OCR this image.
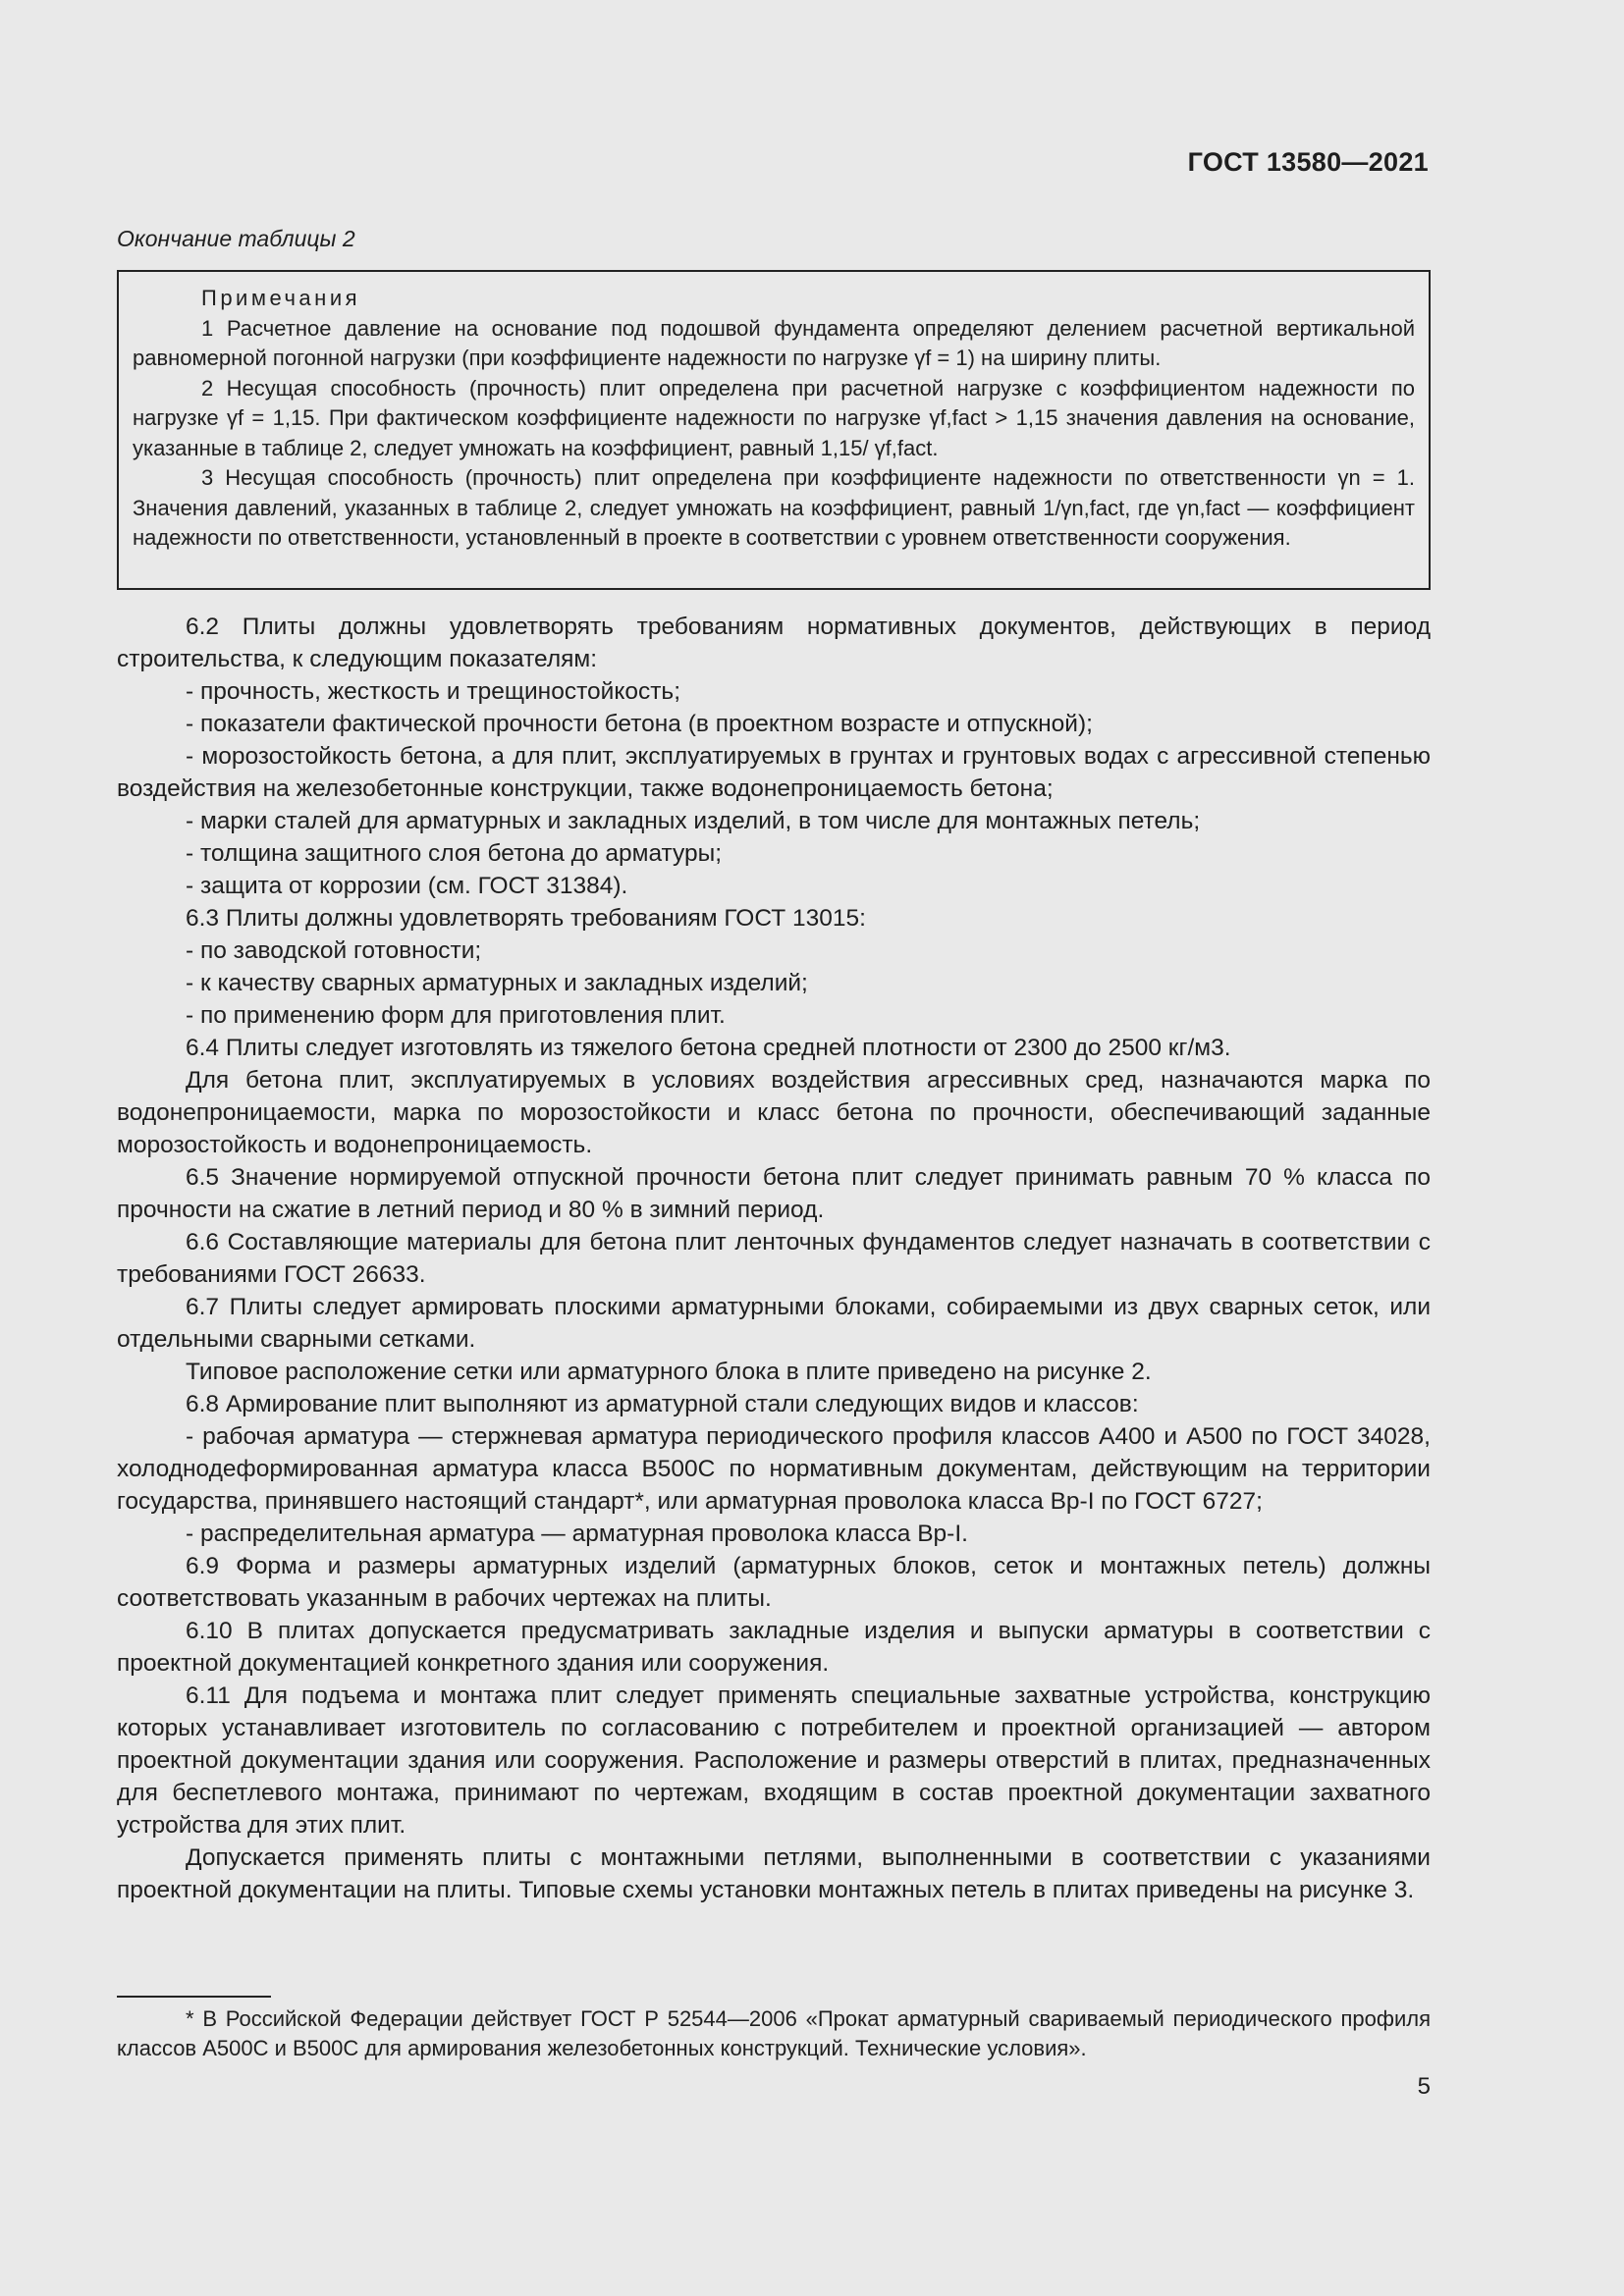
ГОСТ 13580—2021
Окончание таблицы 2
Примечания

1 Расчетное давление на основание под подошвой фундамента определяют делением расчетной вертикальной равномерной погонной нагрузки (при коэффициенте надежности по нагрузке γf = 1) на ширину плиты.

2 Несущая способность (прочность) плит определена при расчетной нагрузке с коэффициентом надежности по нагрузке γf = 1,15. При фактическом коэффициенте надежности по нагрузке γf,fact > 1,15 значения давления на основание, указанные в таблице 2, следует умножать на коэффициент, равный 1,15/ γf,fact.

3 Несущая способность (прочность) плит определена при коэффициенте надежности по ответственности γn = 1. Значения давлений, указанных в таблице 2, следует умножать на коэффициент, равный 1/γn,fact, где γn,fact — коэффициент надежности по ответственности, установленный в проекте в соответствии с уровнем ответственности сооружения.

6.2 Плиты должны удовлетворять требованиям нормативных документов, действующих в период строительства, к следующим показателям:

- прочность, жесткость и трещиностойкость;

- показатели фактической прочности бетона (в проектном возрасте и отпускной);

- морозостойкость бетона, а для плит, эксплуатируемых в грунтах и грунтовых водах с агрессивной степенью воздействия на железобетонные конструкции, также водонепроницаемость бетона;

- марки сталей для арматурных и закладных изделий, в том числе для монтажных петель;

- толщина защитного слоя бетона до арматуры;

- защита от коррозии (см. ГОСТ 31384).

6.3 Плиты должны удовлетворять требованиям ГОСТ 13015:

- по заводской готовности;

- к качеству сварных арматурных и закладных изделий;

- по применению форм для приготовления плит.

6.4 Плиты следует изготовлять из тяжелого бетона средней плотности от 2300 до 2500 кг/м3.

Для бетона плит, эксплуатируемых в условиях воздействия агрессивных сред, назначаются марка по водонепроницаемости, марка по морозостойкости и класс бетона по прочности, обеспечивающий заданные морозостойкость и водонепроницаемость.

6.5 Значение нормируемой отпускной прочности бетона плит следует принимать равным 70 % класса по прочности на сжатие в летний период и 80 % в зимний период.

6.6 Составляющие материалы для бетона плит ленточных фундаментов следует назначать в соответствии с требованиями ГОСТ 26633.

6.7 Плиты следует армировать плоскими арматурными блоками, собираемыми из двух сварных сеток, или отдельными сварными сетками.

Типовое расположение сетки или арматурного блока в плите приведено на рисунке 2.

6.8 Армирование плит выполняют из арматурной стали следующих видов и классов:

- рабочая арматура — стержневая арматура периодического профиля классов А400 и А500 по ГОСТ 34028, холоднодеформированная арматура класса В500С по нормативным документам, действующим на территории государства, принявшего настоящий стандарт*, или арматурная проволока класса Вр-I по ГОСТ 6727;

- распределительная арматура — арматурная проволока класса Вр-I.

6.9 Форма и размеры арматурных изделий (арматурных блоков, сеток и монтажных петель) должны соответствовать указанным в рабочих чертежах на плиты.

6.10 В плитах допускается предусматривать закладные изделия и выпуски арматуры в соответствии с проектной документацией конкретного здания или сооружения.

6.11 Для подъема и монтажа плит следует применять специальные захватные устройства, конструкцию которых устанавливает изготовитель по согласованию с потребителем и проектной организацией — автором проектной документации здания или сооружения. Расположение и размеры отверстий в плитах, предназначенных для беспетлевого монтажа, принимают по чертежам, входящим в состав проектной документации захватного устройства для этих плит.

Допускается применять плиты с монтажными петлями, выполненными в соответствии с указаниями проектной документации на плиты. Типовые схемы установки монтажных петель в плитах приведены на рисунке 3.

* В Российской Федерации действует ГОСТ Р 52544—2006 «Прокат арматурный свариваемый периодического профиля классов А500С и В500С для армирования железобетонных конструкций. Технические условия».

5
